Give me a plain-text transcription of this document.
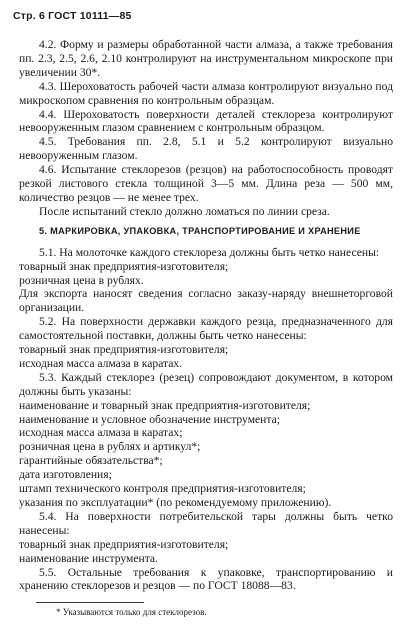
Стр. 6 ГОСТ 10111—85

4.2. Форму и размеры обработанной части алмаза, а также требования пп. 2.3, 2.5, 2.6, 2.10 контролируют на инструментальном микроскопе при увеличении 30*.

4.3. Шероховатость рабочей части алмаза контролируют визуально под микроскопом сравнения по контрольным образцам.

4.4. Шероховатость поверхности деталей стеклореза контролируют невооруженным глазом сравнением с контрольным образцом.

4.5. Требования пп. 2.8, 5.1 и 5.2 контролируют визуально невооруженным глазом.

4.6. Испытание стеклорезов (резцов) на работоспособность проводят резкой листового стекла толщиной 3—5 мм. Длина реза — 500 мм, количество резцов — не менее трех.

После испытаний стекло должно ломаться по линии среза.

5. МАРКИРОВКА, УПАКОВКА, ТРАНСПОРТИРОВАНИЕ И ХРАНЕНИЕ

5.1. На молоточке каждого стеклореза должны быть четко нанесены:

товарный знак предприятия-изготовителя;

розничная цена в рублях.

Для экспорта наносят сведения согласно заказу-наряду внешнеторговой организации.

5.2. На поверхности державки каждого резца, предназначенного для самостоятельной поставки, должны быть четко нанесены:

товарный знак предприятия-изготовителя;

исходная масса алмаза в каратах.

5.3. Каждый стеклорез (резец) сопровождают документом, в котором должны быть указаны:

наименование и товарный знак предприятия-изготовителя;

наименование и условное обозначение инструмента;

исходная масса алмаза в каратах;

розничная цена в рублях и артикул*;

гарантийные обязательства*;

дата изготовления;

штамп технического контроля предприятия-изготовителя;

указания по эксплуатации* (по рекомендуемому приложению).

5.4. На поверхности потребительской тары должны быть четко нанесены:

товарный знак предприятия-изготовителя;

наименование инструмента.

5.5. Остальные требования к упаковке, транспортированию и хранению стеклорезов и резцов — по ГОСТ 18088—83.

* Указываются только для стеклорезов.
